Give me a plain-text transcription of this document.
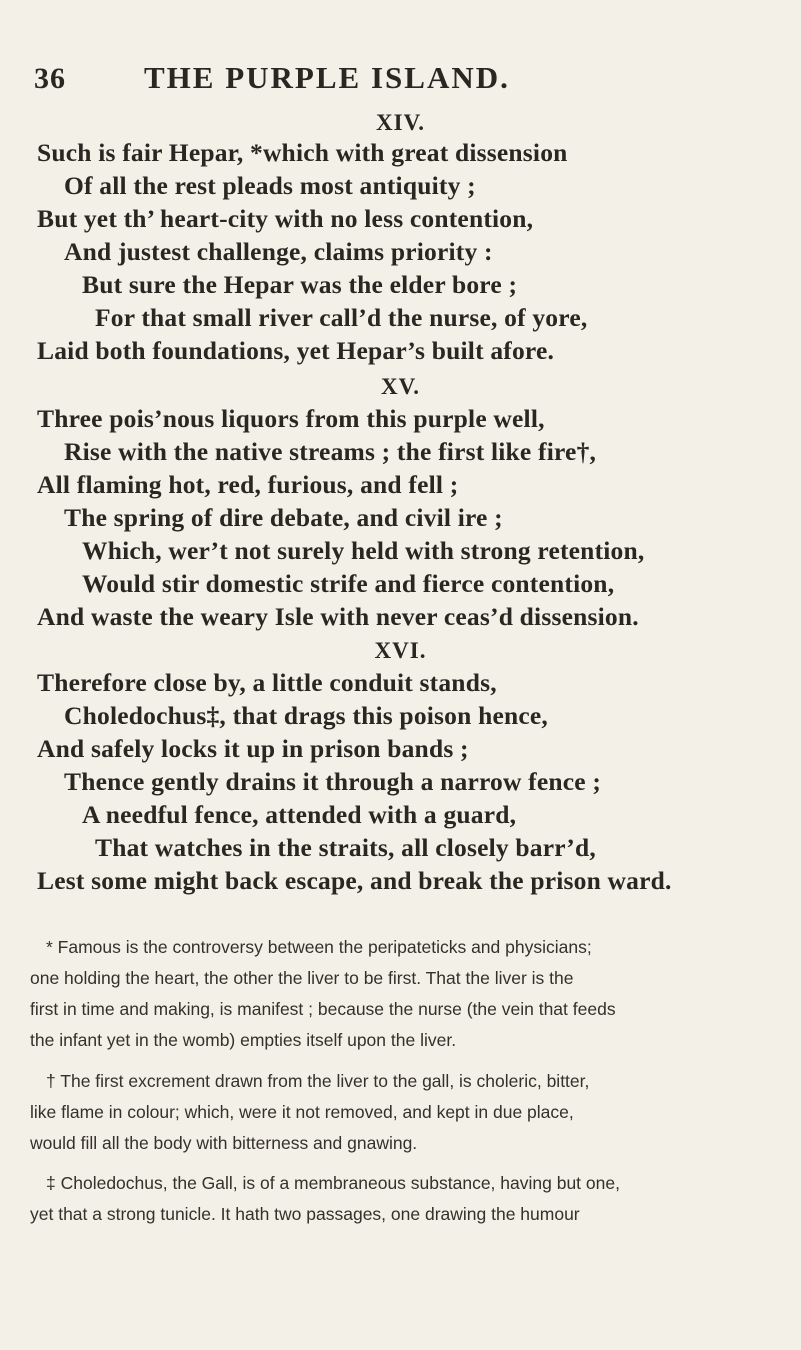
36	THE PURPLE ISLAND.
XIV.
Such is fair Hepar, *which with great dissension
Of all the rest pleads most antiquity ;
But yet th’ heart-city with no less contention,
And justest challenge, claims priority :
But sure the Hepar was the elder bore ;
For that small river call’d the nurse, of yore,
Laid both foundations, yet Hepar’s built afore.
XV.
Three pois’nous liquors from this purple well,
Rise with the native streams ; the first like fire†,
All flaming hot, red, furious, and fell ;
The spring of dire debate, and civil ire ;
Which, wer’t not surely held with strong retention,
Would stir domestic strife and fierce contention,
And waste the weary Isle with never ceas’d dissension.
XVI.
Therefore close by, a little conduit stands,
Choledochus‡, that drags this poison hence,
And safely locks it up in prison bands ;
Thence gently drains it through a narrow fence ;
A needful fence, attended with a guard,
That watches in the straits, all closely barr’d,
Lest some might back escape, and break the prison ward.
* Famous is the controversy between the peripateticks and physicians;
one holding the heart, the other the liver to be first. That the liver is the
first in time and making, is manifest ; because the nurse (the vein that feeds
the infant yet in the womb) empties itself upon the liver.
† The first excrement drawn from the liver to the gall, is choleric, bitter,
like flame in colour; which, were it not removed, and kept in due place,
would fill all the body with bitterness and gnawing.
‡ Choledochus, the Gall, is of a membraneous substance, having but one,
yet that a strong tunicle. It hath two passages, one drawing the humour
